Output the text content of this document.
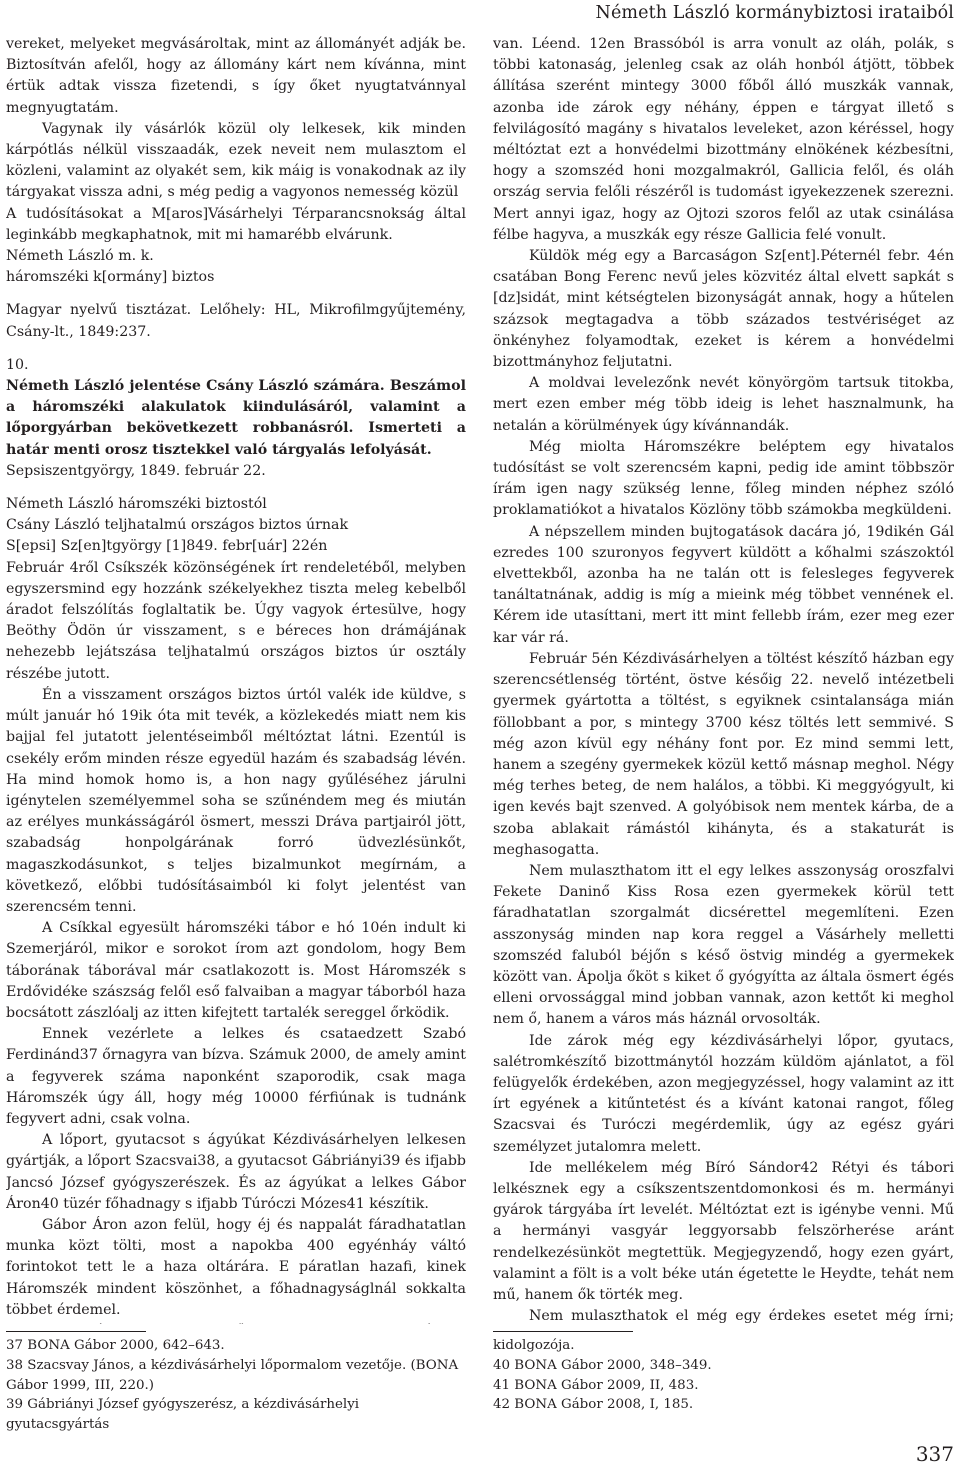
Németh László kormánybiztosi irataiból

vereket, melyeket megvásároltak, mint az állományét adják be. Biztosítván afelől, hogy az állomány kárt nem kívánna, mint értük adtak vissza fizetendi, s így őket nyugtatvánnyal megnyugtatám.

Vagynak ily vásárlók közül oly lelkesek, kik minden kárpótlás nélkül visszaadák, ezek neveit nem mulasztom el közleni, valamint az olyakét sem, kik máig is vonakodnak az ily tárgyakat vissza adni, s még pedig a vagyonos nemesség közül

A tudósításokat a M[aros]Vásárhelyi Térparancsnokság által leginkább megkaphatnok, mit mi hamarébb elvárunk.

Németh László m. k.

háromszéki k[ormány] biztos

Magyar nyelvű tisztázat. Lelőhely: HL, Mikrofilmgyűjtemény, Csány-lt., 1849:237.

10.

Németh László jelentése Csány László számára. Beszámol a háromszéki alakulatok kiindulásáról, valamint a lőporgyárban bekövetkezett robbanásról. Ismerteti a határ menti orosz tisztekkel való tárgyalás lefolyását.

Sepsiszentgyörgy, 1849. február 22.

Németh László háromszéki biztostól

Csány László teljhatalmú országos biztos úrnak

S[epsi] Sz[en]tgyörgy [1]849. febr[uár] 22én

Február 4ről Csíkszék közönségének írt rendeletéből, melyben egyszersmind egy hozzánk székelyekhez tiszta meleg kebelből áradot felszólítás foglaltatik be. Úgy vagyok értesülve, hogy Beöthy Ödön úr visszament, s e béreces hon drámájának nehezebb lejátszása teljhatalmú országos biztos úr osztály részébe jutott.

Én a visszament országos biztos úrtól valék ide küldve, s múlt január hó 19ik óta mit tevék, a közlekedés miatt nem kis bajjal fel jutatott jelentéseimből méltóztat látni. Ezentúl is csekély erőm minden része egyedül hazám és szabadság lévén. Ha mind homok homo is, a hon nagy gyűléséhez járulni igénytelen személyemmel soha se szűnéndem meg és miután az erélyes munkásságáról ösmert, messzi Dráva partjairól jött, szabadság honpolgárának forró üdvezlésünkőt, magaszkodásunkot, s teljes bizalmunkot megírnám, a következő, előbbi tudósításaimból ki folyt jelentést van szerencsém tenni.

A Csíkkal egyesült háromszéki tábor e hó 10én indult ki Szemerjáról, mikor e sorokot írom azt gondolom, hogy Bem táborának táborával már csatlakozott is. Most Háromszék s Erdővidéke szászság felől eső falvaiban a magyar táborból haza bocsátott zászlóalj az itten kifejtett tartalék sereggel őrködik.

Ennek vezérlete a lelkes és csataedzett Szabó Ferdinánd37 őrnagyra van bízva. Számuk 2000, de amely amint a fegyverek számа naponként szaporodik, csak maga Háromszék úgy áll, hogy még 10000 férfiúnak is tudnánk fegyvert adni, csak volna.

A lőport, gyutacsot s ágyúkat Kézdivásárhelyen lelkesen gyártják, a lőport Szacsvai38, a gyutacsot Gábriányi39 és ifjabb Jancsó József gyógyszerészek. És az ágyúkat a lelkes Gábor Áron40 tüzér főhadnagy s ifjabb Túróczi Mózes41 készítik.

Gábor Áron azon felül, hogy éj és nappalát fáradhatatlan munka közt tölti, most a napokba 400 egyénháy váltó forintokot tett le a haza oltárára. E páratlan hazafi, kinek Háromszék mindent köszönhet, a főhadnagyságlnál sokkalta többet érdemel.

van. Léend. 12en Brassóból is arra vonult az oláh, polák, s többi katonaság, jelenleg csak az oláh honból átjött, többek állítása szerént mintegy 3000 főből álló muszkák vannak, azonba ide zárok egy néhány, éppen e tárgyat illető s felvilágosító magány s hivatalos leveleket, azon kéréssel, hogy méltóztat ezt a honvédelmi bizottmány elnökének kézbesítni, hogy a szomszéd honi mozgalmakról, Gallicia felől, és oláh ország servia felőli részéről is tudomást igyekezzenek szerezni. Mert annyi igaz, hogy az Ojtozi szoros felől az utak csinálása félbe hagyva, a muszkák egy része Gallicia felé vonult.

Küldök még egy a Barcaságon Sz[ent].Péternél febr. 4én csatában Bong Ferenc nevű jeles közvitéz által elvett sapkát s [dz]sidát, mint kétségtelen bizonyságát annak, hogy a hűtelen százsok megtagadva a több százados testvériséget az önkényhez folyamodtak, ezeket is kérem a honvédelmi bizottmányhoz feljutatni.

A moldvai levelezőnk nevét könyörgöm tartsuk titokba, mert ezen ember még több ideig is lehet hasznalmunk, ha netalán a körülmények úgy kívánnandák.

Még miolta Háromszékre beléptem egy hivatalos tudósítást se volt szerencsém kapni, pedig ide amint többször írám igen nagy szükség lenne, főleg minden néphez szóló proklamatiókot a hivatalos Közlöny több számokba megküldeni.

A népszellem minden bujtogatások dacára jó, 19dikén Gál ezredes 100 szuronyos fegyvert küldött a kőhalmi szászoktól elvettekből, azonba ha ne talán ott is felesleges fegyverek tanáltatnának, addig is míg a mieink még többet vennének el. Kérem ide utasíttani, mert itt mint fellebb írám, ezer meg ezer kar vár rá.

Február 5én Kézdivásárhelyen a töltést készítő házban egy szerencsétlenség történt, östve későig 22. nevelő intézetbeli gyermek gyártotta a töltést, s egyiknek csintalansága mián föllobbant a por, s mintegy 3700 kész töltés lett semmivé. S még azon kívül egy néhány font por. Ez mind semmi lett, hanem a szegény gyermekek közül kettő másnap meghol. Négy még terhes beteg, de nem halálos, a többi. Ki meggyógyult, ki igen kevés bajt szenved. A golyóbisok nem mentek kárba, de a szoba ablakait rámástól kihányta, és a stakaturát is meghasogatta.

Nem mulaszthatom itt el egy lelkes asszonyság oroszfalvi Fekete Daninő Kiss Rosa ezen gyermekek körül tett fáradhatatlan szorgalmát dicsérettel megemlíteni. Ezen asszonyság minden nap kora reggel a Vásárhely melletti szomszéd faluból béjőn s késő östvig mindég a gyermekek között van. Ápolja őköt s kiket ő gyógyítta az általa ösmert égés elleni orvossággal mind jobban vannak, azon kettőt ki meghol nem ő, hanem a város más háznál orvosolták.

Ide zárok még egy kézdivásárhelyi lőpor, gyutacs, salétromkészítő bizottmánytól hozzám küldöm ajánlatot, a föl felügyelők érdekében, azon megjegyzéssel, hogy valamint az itt írt egyének a kitűntetést és a kívánt katonai rangot, főleg Szacsvai és Turóczi megérdemlik, úgy az egész gyári személyzet jutalomra melett.

Ide mellékelem még Bíró Sándor42 Rétyi és tábori lelkésznek egy a csíkszentszentdomonkosi és m. hermányi gyárok tárgyába írt levelét. Méltóztat ezt is igénybe venni. Mű a hermányi vasgyár leggyorsabb felszörherése aránt rendelkezésünköt megtettük. Megjegyzendő, hogy ezen gyárt, valamint a fölt is a volt béke után égetette le Heydte, tehát nem mű, hanem ők törték meg.

Nem mulaszthatok el még egy érdekes esetet még írni;

37 BONA Gábor 2000, 642–643.

38 Szacsvay János, a kézdivásárhelyi lőpormalom vezetője. (BONA Gábor 1999, III, 220.)

39 Gábriányi József gyógyszerész, a kézdivásárhelyi gyutacsgyártás

kidolgozója.

40 BONA Gábor 2000, 348–349.

41 BONA Gábor 2009, II, 483.

42 BONA Gábor 2008, I, 185.

337
